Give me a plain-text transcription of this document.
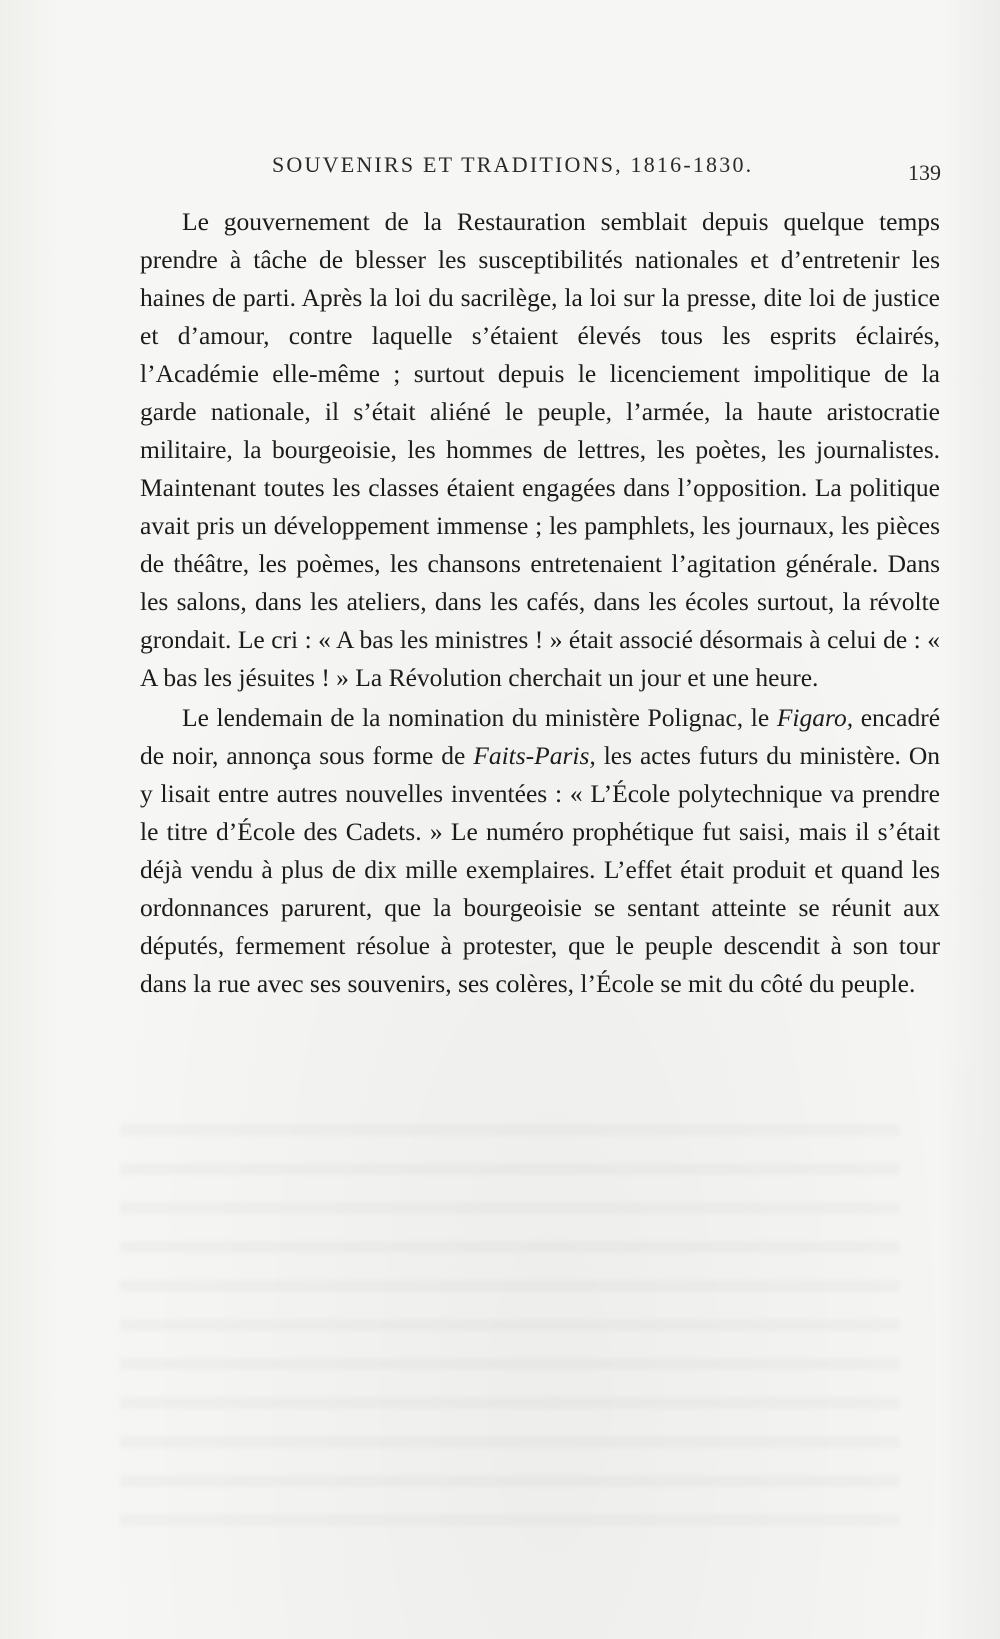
SOUVENIRS ET TRADITIONS, 1816-1830.	139

Le gouvernement de la Restauration semblait depuis quelque temps prendre à tâche de blesser les susceptibilités nationales et d’entretenir les haines de parti. Après la loi du sacrilège, la loi sur la presse, dite loi de justice et d’amour, contre laquelle s’étaient élevés tous les esprits éclairés, l’Académie elle-même ; surtout depuis le licenciement impolitique de la garde nationale, il s’était aliéné le peuple, l’armée, la haute aristocratie militaire, la bourgeoisie, les hommes de lettres, les poètes, les journalistes. Maintenant toutes les classes étaient engagées dans l’opposition. La politique avait pris un développement immense ; les pamphlets, les journaux, les pièces de théâtre, les poèmes, les chansons entretenaient l’agitation générale. Dans les salons, dans les ateliers, dans les cafés, dans les écoles surtout, la révolte grondait. Le cri : « A bas les ministres ! » était associé désormais à celui de : « A bas les jésuites ! » La Révolution cherchait un jour et une heure.

Le lendemain de la nomination du ministère Polignac, le Figaro, encadré de noir, annonça sous forme de Faits-Paris, les actes futurs du ministère. On y lisait entre autres nouvelles inventées : « L’École polytechnique va prendre le titre d’École des Cadets. » Le numéro prophétique fut saisi, mais il s’était déjà vendu à plus de dix mille exemplaires. L’effet était produit et quand les ordonnances parurent, que la bourgeoisie se sentant atteinte se réunit aux députés, fermement résolue à protester, que le peuple descendit à son tour dans la rue avec ses souvenirs, ses colères, l’École se mit du côté du peuple.
